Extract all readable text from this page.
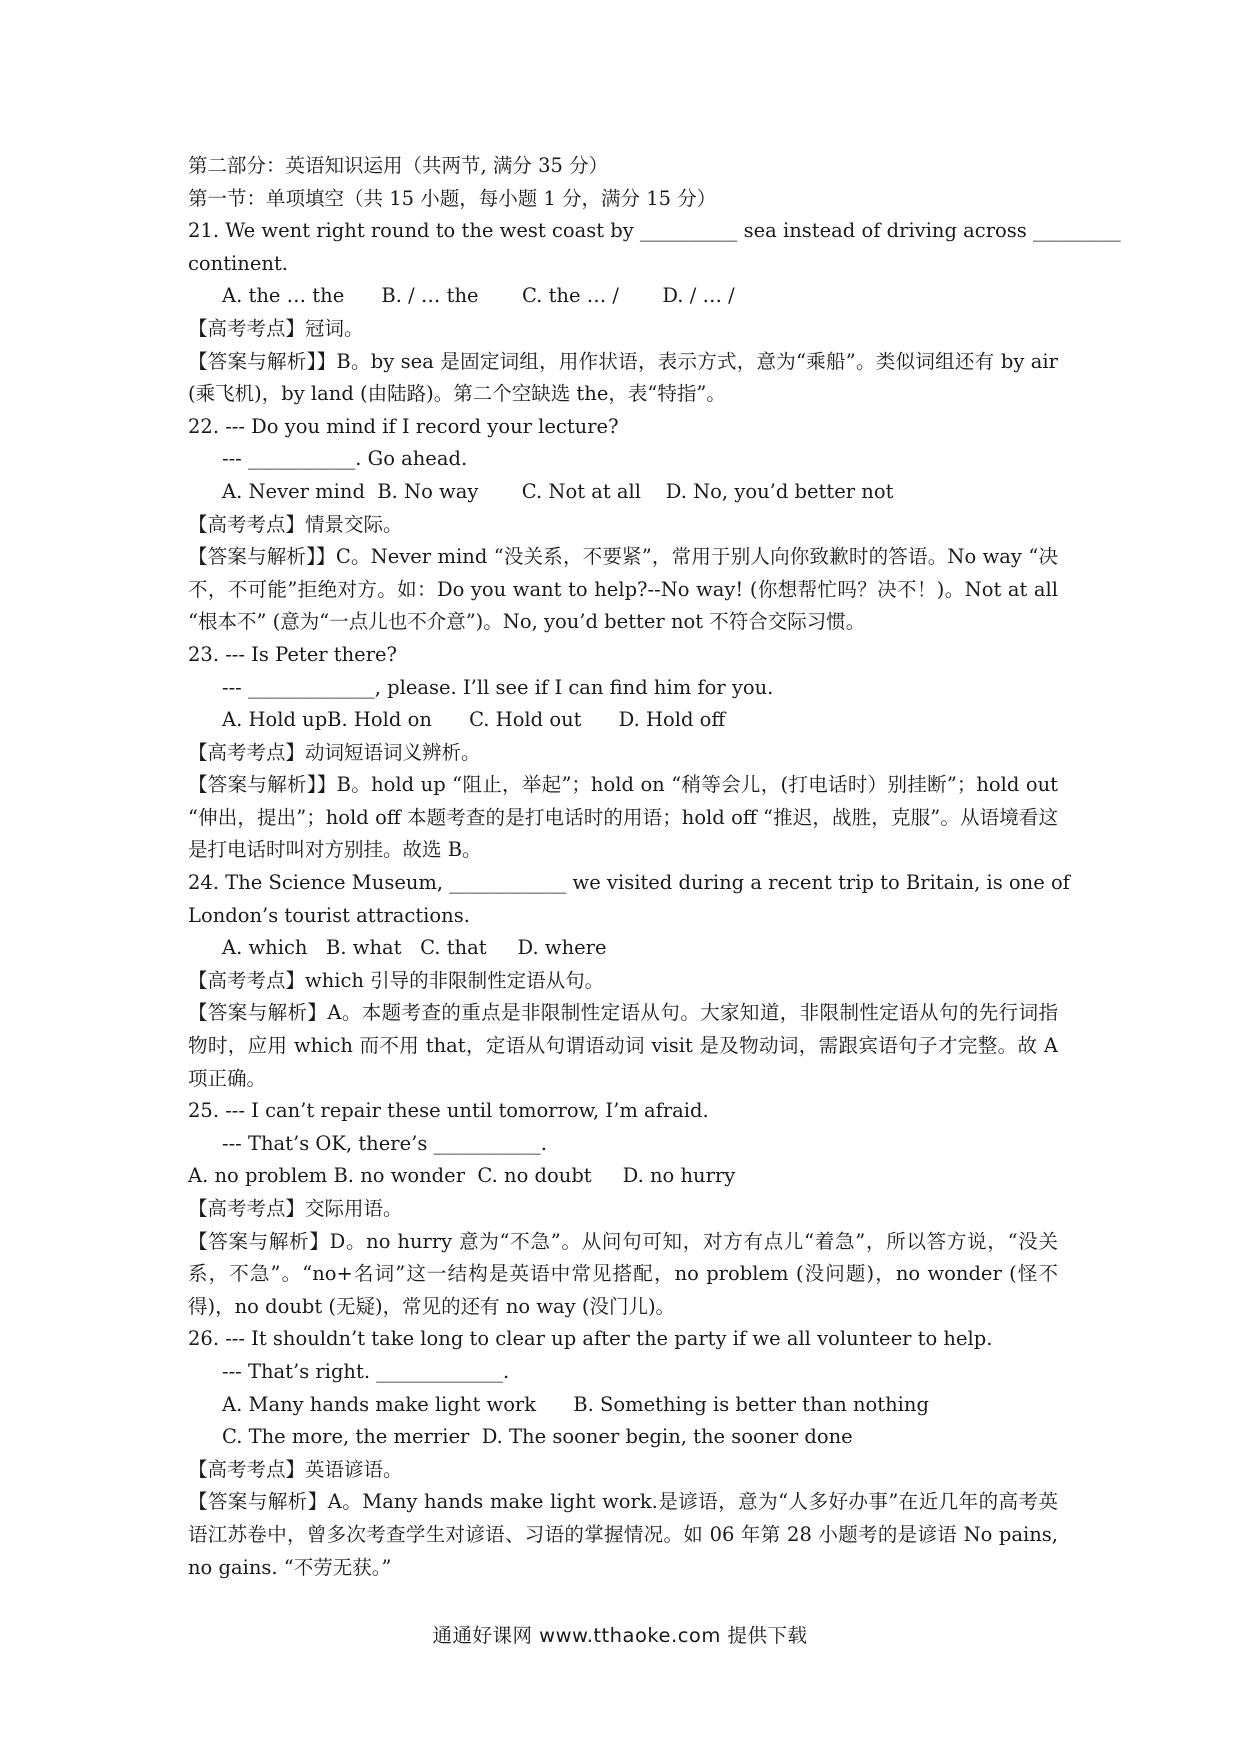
第二部分：英语知识运用（共两节, 满分 35 分）
第一节：单项填空（共 15 小题，每小题 1 分，满分 15 分）
21. We went right round to the west coast by __________ sea instead of driving across _________
continent.
A. the … the      B. / … the       C. the … /       D. / … /
【高考考点】冠词。
【答案与解析】】B。by sea 是固定词组，用作状语，表示方式，意为“乘船”。类似词组还有 by air (乘飞机)，by land (由陆路)。第二个空缺选 the，表“特指”。
22. --- Do you mind if I record your lecture?
--- ___________. Go ahead.
A. Never mind  B. No way       C. Not at all    D. No, you’d better not
【高考考点】情景交际。
【答案与解析】】C。Never mind “没关系，不要紧”，常用于别人向你致歉时的答语。No way “决不，不可能”拒绝对方。如：Do you want to help?--No way! (你想帮忙吗？决不！)。Not at all “根本不” (意为“一点儿也不介意”)。No, you’d better not 不符合交际习惯。
23. --- Is Peter there?
--- _____________, please. I’ll see if I can find him for you.
A. Hold upB. Hold on      C. Hold out      D. Hold off
【高考考点】动词短语词义辨析。
【答案与解析】】B。hold up “阻止，举起”；hold on “稍等会儿，(打电话时）别挂断”；hold out “伸出，提出”；hold off 本题考查的是打电话时的用语；hold off “推迟，战胜，克服”。从语境看这是打电话时叫对方别挂。故选 B。
24. The Science Museum, ____________ we visited during a recent trip to Britain, is one of
London’s tourist attractions.
A. which   B. what   C. that     D. where
【高考考点】which 引导的非限制性定语从句。
【答案与解析】A。本题考查的重点是非限制性定语从句。大家知道，非限制性定语从句的先行词指物时，应用 which 而不用 that，定语从句谓语动词 visit 是及物动词，需跟宾语句子才完整。故 A 项正确。
25. --- I can’t repair these until tomorrow, I’m afraid.
--- That’s OK, there’s ___________.
A. no problem B. no wonder  C. no doubt     D. no hurry
【高考考点】交际用语。
【答案与解析】D。no hurry 意为“不急”。从问句可知，对方有点儿“着急”，所以答方说，“没关系，不急”。“no+名词”这一结构是英语中常见搭配，no problem (没问题)，no wonder (怪不得)，no doubt (无疑)，常见的还有 no way (没门儿)。
26. --- It shouldn’t take long to clear up after the party if we all volunteer to help.
--- That’s right. _____________.
A. Many hands make light work      B. Something is better than nothing
C. The more, the merrier  D. The sooner begin, the sooner done
【高考考点】英语谚语。
【答案与解析】A。Many hands make light work.是谚语，意为“人多好办事”在近几年的高考英语江苏卷中，曾多次考查学生对谚语、习语的掌握情况。如 06 年第 28 小题考的是谚语 No pains, no gains. “不劳无获。”
通通好课网 www.tthaoke.com 提供下载
